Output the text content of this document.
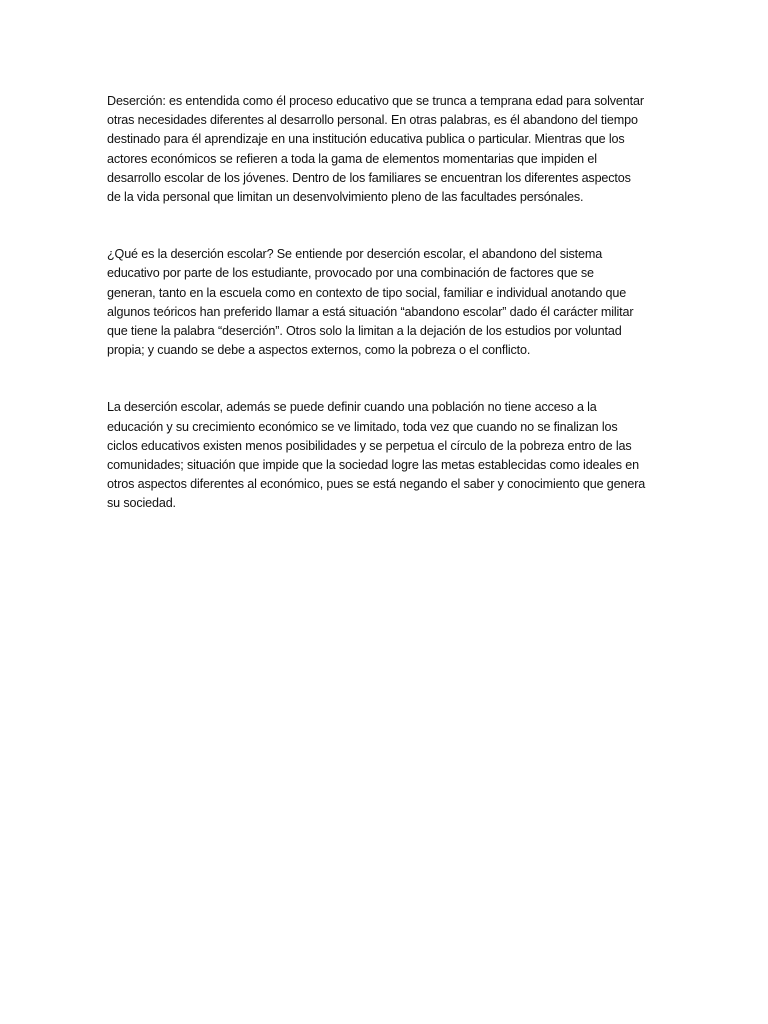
Deserción: es entendida como él proceso educativo que se trunca a temprana edad para solventar
otras necesidades diferentes al desarrollo personal. En otras palabras, es él abandono del tiempo
destinado para él aprendizaje en una institución educativa publica o particular. Mientras que los
actores económicos se refieren a toda la gama de elementos momentarias que impiden el
desarrollo escolar de los jóvenes. Dentro de los familiares se encuentran los diferentes aspectos
de la vida personal que limitan un desenvolvimiento pleno de las facultades persónales.

¿Qué es la deserción escolar? Se entiende por deserción escolar, el abandono del sistema
educativo por parte de los estudiante, provocado por una combinación de factores que se
generan, tanto en la escuela como en contexto de tipo social, familiar e individual anotando que
algunos teóricos han preferido llamar a está situación “abandono escolar” dado él carácter militar
que tiene la palabra “deserción”. Otros solo la limitan a la dejación de los estudios por voluntad
propia; y cuando se debe a aspectos externos, como la pobreza o el conflicto.

La deserción escolar, además se puede definir cuando una población no tiene acceso a la
educación y su crecimiento económico se ve limitado, toda vez que cuando no se finalizan los
ciclos educativos existen menos posibilidades y se perpetua el círculo de la pobreza entro de las
comunidades; situación que impide que la sociedad logre las metas establecidas como ideales en
otros aspectos diferentes al económico, pues se está negando el saber y conocimiento que genera
su sociedad.
